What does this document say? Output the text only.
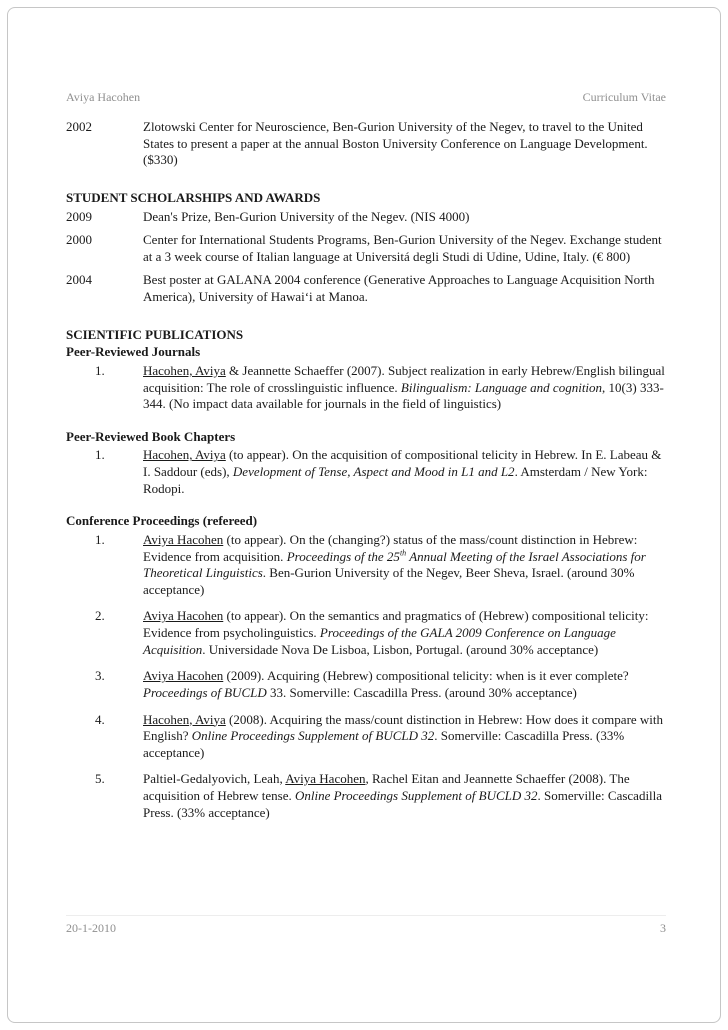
Aviya Hacohen	Curriculum Vitae
2002	Zlotowski Center for Neuroscience, Ben-Gurion University of the Negev, to travel to the United States to present a paper at the annual Boston University Conference on Language Development. ($330)
STUDENT SCHOLARSHIPS AND AWARDS
2009	Dean's Prize, Ben-Gurion University of the Negev. (NIS 4000)
2000	Center for International Students Programs, Ben-Gurion University of the Negev. Exchange student at a 3 week course of Italian language at Universitá degli Studi di Udine, Udine, Italy. (€ 800)
2004	Best poster at GALANA 2004 conference (Generative Approaches to Language Acquisition North America), University of Hawai‘i at Manoa.
SCIENTIFIC PUBLICATIONS
Peer-Reviewed Journals
1.	Hacohen, Aviya & Jeannette Schaeffer (2007). Subject realization in early Hebrew/English bilingual acquisition: The role of crosslinguistic influence. Bilingualism: Language and cognition, 10(3) 333-344. (No impact data available for journals in the field of linguistics)
Peer-Reviewed Book Chapters
1.	Hacohen, Aviya (to appear). On the acquisition of compositional telicity in Hebrew. In E. Labeau & I. Saddour (eds), Development of Tense, Aspect and Mood in L1 and L2. Amsterdam / New York: Rodopi.
Conference Proceedings (refereed)
1.	Aviya Hacohen (to appear). On the (changing?) status of the mass/count distinction in Hebrew: Evidence from acquisition. Proceedings of the 25th Annual Meeting of the Israel Associations for Theoretical Linguistics. Ben-Gurion University of the Negev, Beer Sheva, Israel. (around 30% acceptance)
2.	Aviya Hacohen (to appear). On the semantics and pragmatics of (Hebrew) compositional telicity: Evidence from psycholinguistics. Proceedings of the GALA 2009 Conference on Language Acquisition. Universidade Nova De Lisboa, Lisbon, Portugal. (around 30% acceptance)
3.	Aviya Hacohen (2009). Acquiring (Hebrew) compositional telicity: when is it ever complete? Proceedings of BUCLD 33. Somerville: Cascadilla Press. (around 30% acceptance)
4.	Hacohen, Aviya (2008). Acquiring the mass/count distinction in Hebrew: How does it compare with English? Online Proceedings Supplement of BUCLD 32. Somerville: Cascadilla Press. (33% acceptance)
5.	Paltiel-Gedalyovich, Leah, Aviya Hacohen, Rachel Eitan and Jeannette Schaeffer (2008). The acquisition of Hebrew tense. Online Proceedings Supplement of BUCLD 32. Somerville: Cascadilla Press. (33% acceptance)
20-1-2010	3
